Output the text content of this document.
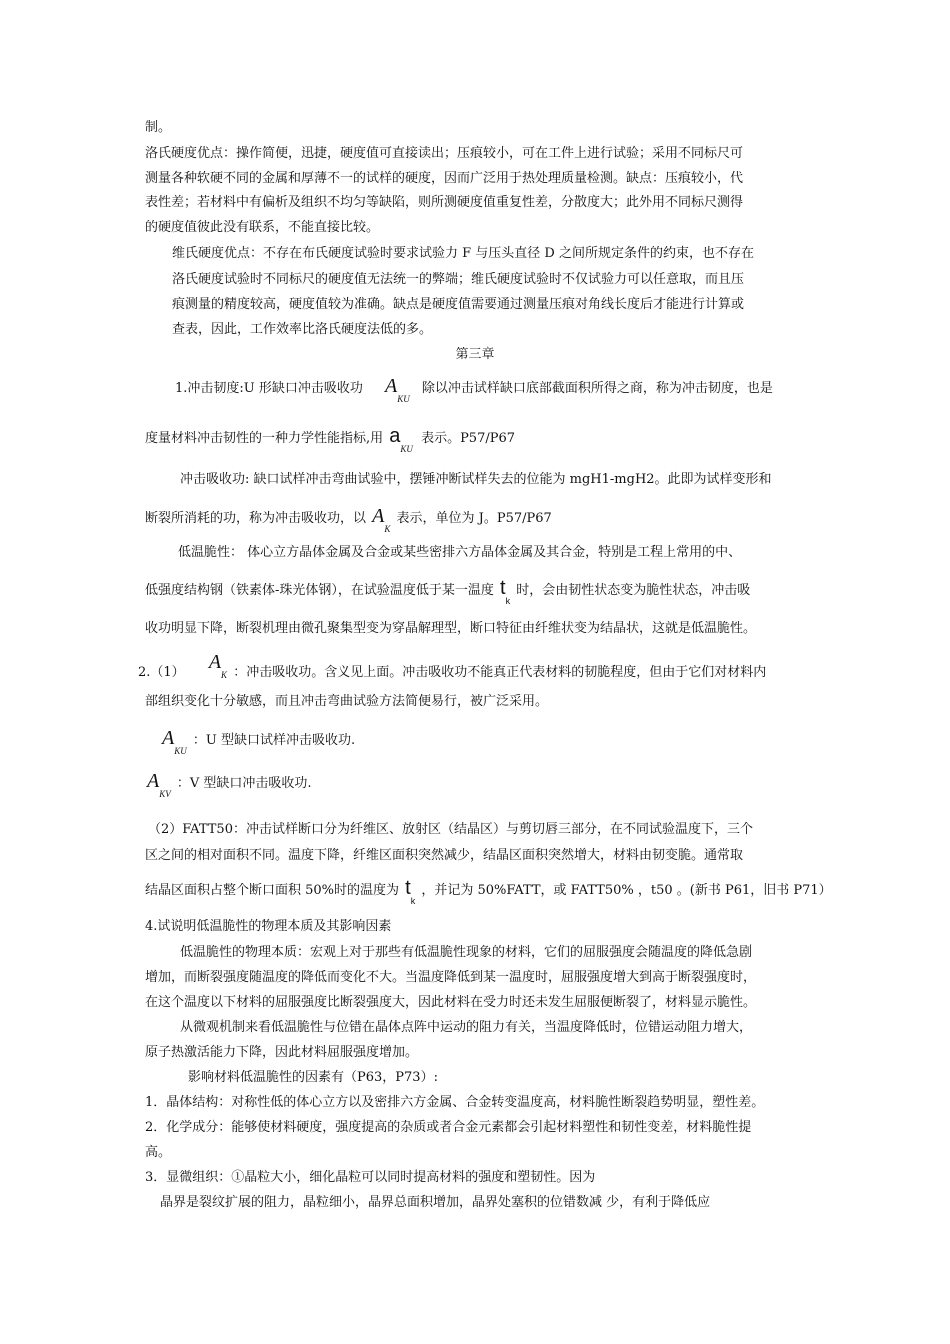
制。
洛氏硬度优点：操作简便，迅捷，硬度值可直接读出；压痕较小，可在工件上进行试验；采用不同标尺可
测量各种软硬不同的金属和厚薄不一的试样的硬度，因而广泛用于热处理质量检测。缺点：压痕较小，代
表性差；若材料中有偏析及组织不均匀等缺陷，则所测硬度值重复性差，分散度大；此外用不同标尺测得
的硬度值彼此没有联系，不能直接比较。
维氏硬度优点：不存在布氏硬度试验时要求试验力 F 与压头直径 D 之间所规定条件的约束，也不存在
洛氏硬度试验时不同标尺的硬度值无法统一的弊端；维氏硬度试验时不仅试验力可以任意取，而且压
痕测量的精度较高，硬度值较为准确。缺点是硬度值需要通过测量压痕对角线长度后才能进行计算或
查表，因此，工作效率比洛氏硬度法低的多。
第三章
1.冲击韧度:U 形缺口冲击吸收功 $A_{KU}$ 除以冲击试样缺口底部截面积所得之商，称为冲击韧度，也是
度量材料冲击韧性的一种力学性能指标,用 $a_{KU}$ 表示。P57/P67
冲击吸收功: 缺口试样冲击弯曲试验中，摆锤冲断试样失去的位能为 mgH1-mgH2。此即为试样变形和
断裂所消耗的功，称为冲击吸收功，以 $A_K$ 表示，单位为 J。P57/P67
低温脆性： 体心立方晶体金属及合金或某些密排六方晶体金属及其合金，特别是工程上常用的中、
低强度结构钢（铁素体-珠光体钢），在试验温度低于某一温度 $t_k$ 时，会由韧性状态变为脆性状态，冲击吸
收功明显下降，断裂机理由微孔聚集型变为穿晶解理型，断口特征由纤维状变为结晶状，这就是低温脆性。
2.（1） $A_K$ ：冲击吸收功。含义见上面。冲击吸收功不能真正代表材料的韧脆程度，但由于它们对材料内
部组织变化十分敏感，而且冲击弯曲试验方法简便易行，被广泛采用。
$A_{KU}$ ：U 型缺口试样冲击吸收功.
$A_{KV}$ ：V 型缺口冲击吸收功.
（2）FATT50：冲击试样断口分为纤维区、放射区（结晶区）与剪切唇三部分，在不同试验温度下，三个
区之间的相对面积不同。温度下降，纤维区面积突然减少，结晶区面积突然增大，材料由韧变脆。通常取
结晶区面积占整个断口面积 50%时的温度为 $t_k$ ，并记为 50%FATT，或 FATT50% ，t50 。(新书 P61，旧书 P71）
4.试说明低温脆性的物理本质及其影响因素
低温脆性的物理本质：宏观上对于那些有低温脆性现象的材料，它们的屈服强度会随温度的降低急剧
增加，而断裂强度随温度的降低而变化不大。当温度降低到某一温度时，屈服强度增大到高于断裂强度时，
在这个温度以下材料的屈服强度比断裂强度大，因此材料在受力时还未发生屈服便断裂了，材料显示脆性。
从微观机制来看低温脆性与位错在晶体点阵中运动的阻力有关，当温度降低时，位错运动阻力增大，
原子热激活能力下降，因此材料屈服强度增加。
影响材料低温脆性的因素有（P63，P73）:
1．晶体结构：对称性低的体心立方以及密排六方金属、合金转变温度高，材料脆性断裂趋势明显，塑性差。
2．化学成分：能够使材料硬度，强度提高的杂质或者合金元素都会引起材料塑性和韧性变差，材料脆性提
高。
3．显微组织：①晶粒大小，细化晶粒可以同时提高材料的强度和塑韧性。因为
晶界是裂纹扩展的阻力，晶粒细小，晶界总面积增加，晶界处塞积的位错数减 少，有利于降低应
